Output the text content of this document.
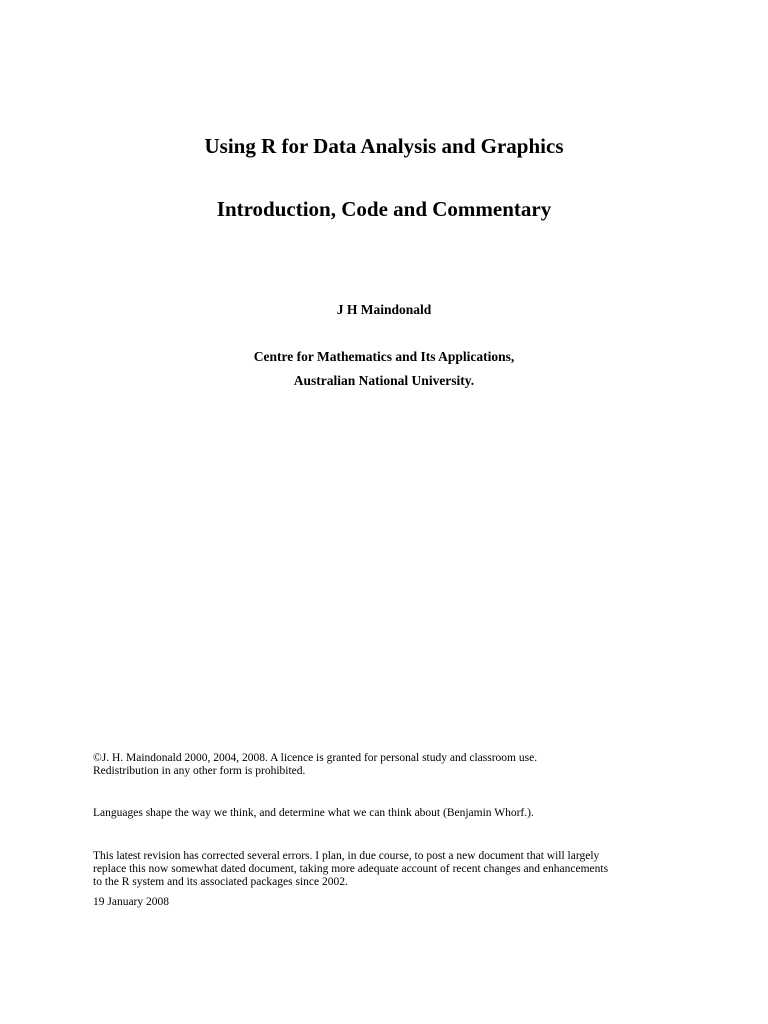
Using R for Data Analysis and Graphics
Introduction, Code and Commentary
J H Maindonald
Centre for Mathematics and Its Applications,
Australian National University.
©J. H. Maindonald 2000, 2004, 2008. A licence is granted for personal study and classroom use.
Redistribution in any other form is prohibited.
Languages shape the way we think, and determine what we can think about (Benjamin Whorf.).
This latest revision has corrected several errors. I plan, in due course, to post a new document that will largely
replace this now somewhat dated document, taking more adequate account of recent changes and enhancements
to the R system and its associated packages since 2002.
19 January 2008
